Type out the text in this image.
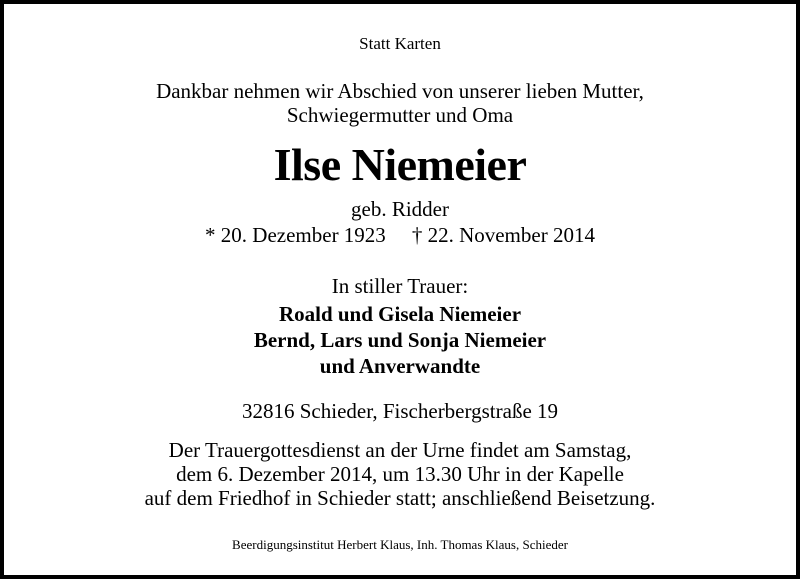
Statt Karten
Dankbar nehmen wir Abschied von unserer lieben Mutter,
Schwiegermutter und Oma
Ilse Niemeier
geb. Ridder
* 20. Dezember 1923 † 22. November 2014
In stiller Trauer:
Roald und Gisela Niemeier
Bernd, Lars und Sonja Niemeier
und Anverwandte
32816 Schieder, Fischerbergstraße 19
Der Trauergottesdienst an der Urne findet am Samstag,
dem 6. Dezember 2014, um 13.30 Uhr in der Kapelle
auf dem Friedhof in Schieder statt; anschließend Beisetzung.
Beerdigungsinstitut Herbert Klaus, Inh. Thomas Klaus, Schieder
